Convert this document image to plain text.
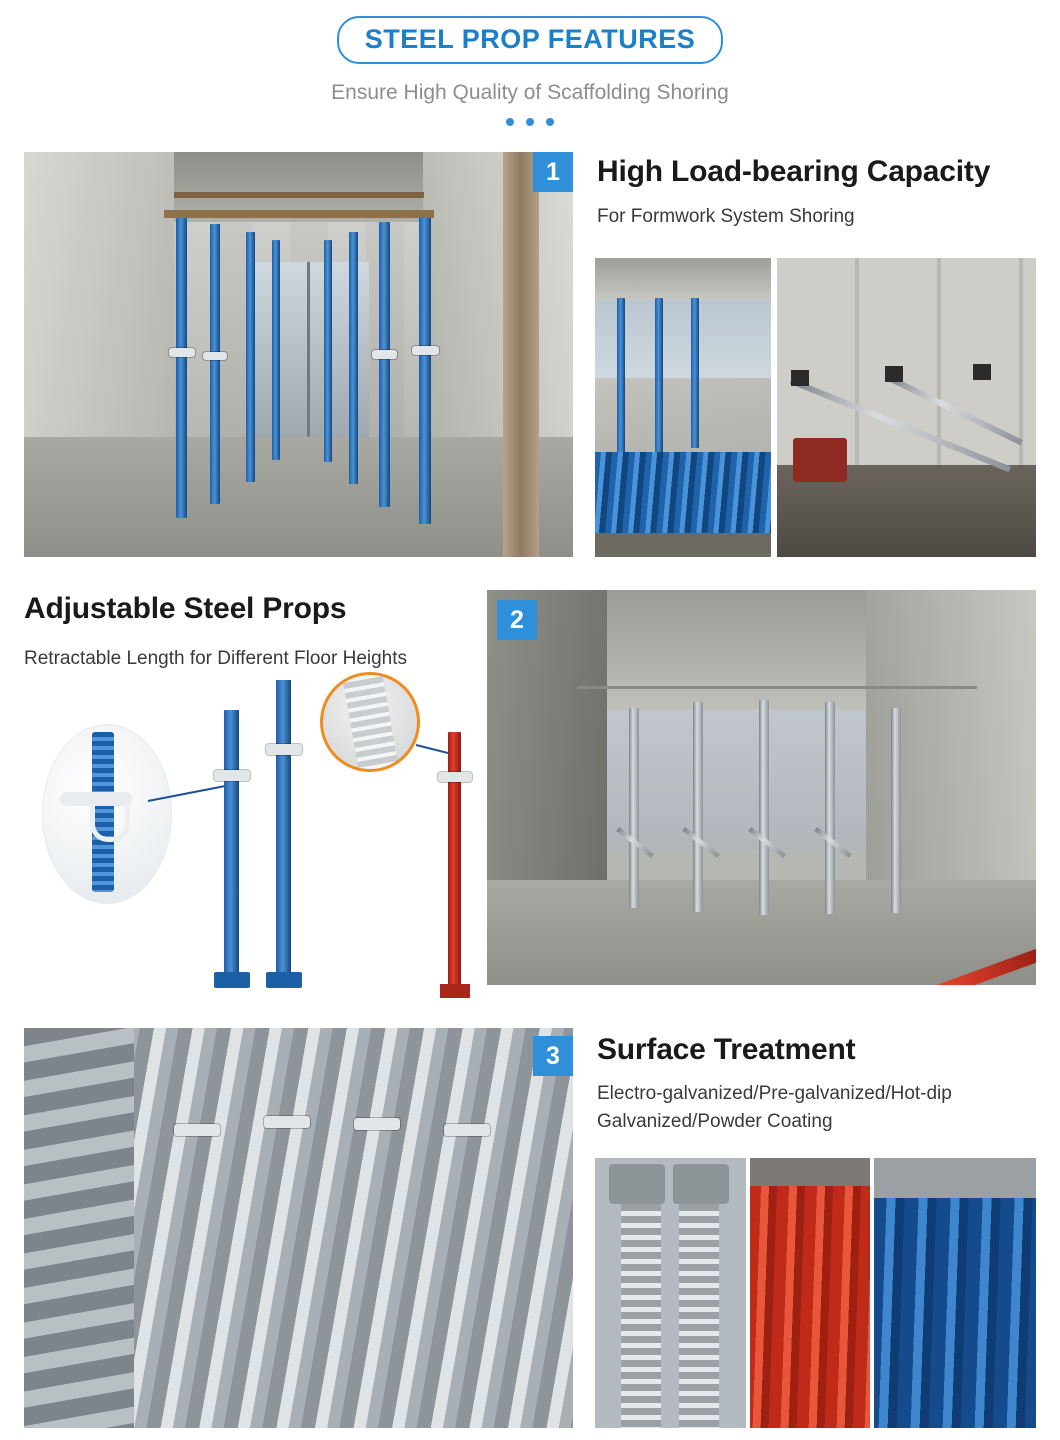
STEEL PROP FEATURES
Ensure High Quality of Scaffolding Shoring
1	High Load-bearing Capacity
For Formwork System Shoring
Adjustable Steel Props
Retractable Length for Different Floor Heights
2
3	Surface Treatment
Electro-galvanized/Pre-galvanized/Hot-dip Galvanized/Powder Coating
